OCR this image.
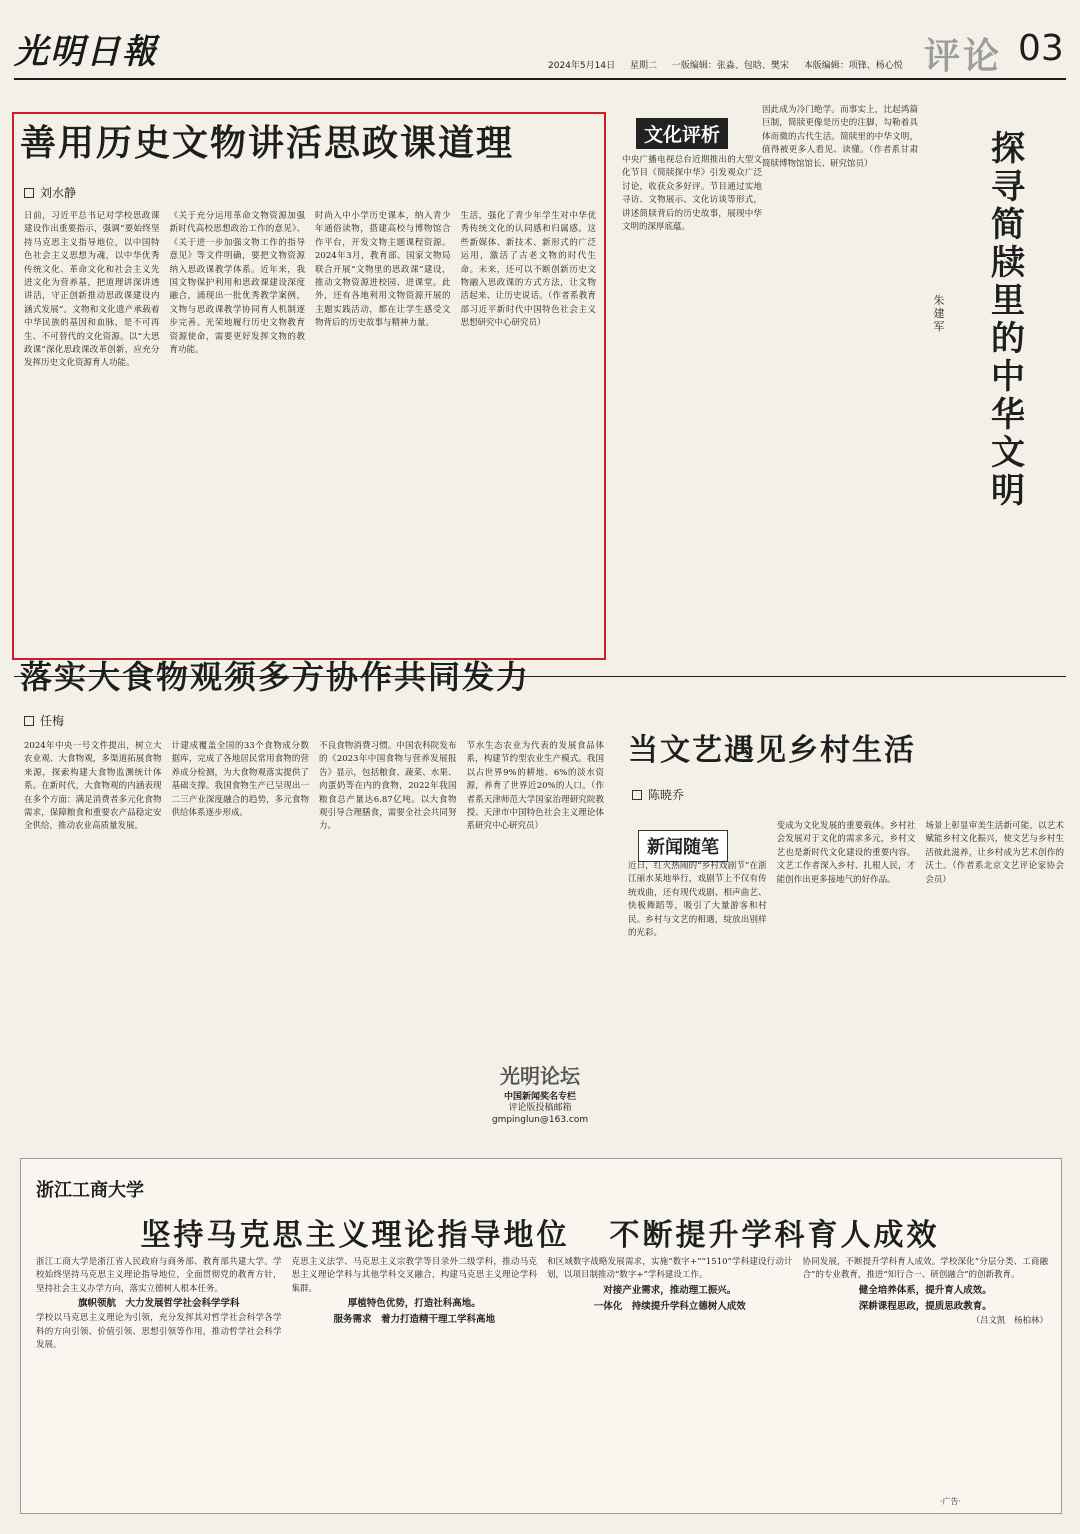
光明日報	2024年5月14日 星期二 一版编辑：张淼、包晗、樊宋 本版编辑：项锋、杨心悦 评论 03
善用历史文物讲活思政课道理
刘水静

日前，习近平总书记对学校思政课建设作出重要指示，强调“要始终坚持马克思主义指导地位，以中国特色社会主义思想为魂，以中华优秀传统文化、革命文化和社会主义先进文化为营养基，把道理讲深讲透讲活，守正创新推动思政课建设内涵式发展”。文物和文化遗产承载着中华民族的基因和血脉，是不可再生、不可替代的文化资源。以“大思政课”深化思政课改革创新，应充分发挥历史文化资源育人功能。

《关于充分运用革命文物资源加强新时代高校思想政治工作的意见》、《关于进一步加强文物工作的指导意见》等文件明确，要把文物资源纳入思政课教学体系。近年来，我国文物保护利用和思政课建设深度融合，涌现出一批优秀教学案例，文物与思政课教学协同育人机制逐步完善。光荣地履行历史文物教育资源使命，需要更好发挥文物的教育功能。

时尚入中小学历史课本，纳入青少年通俗读物，搭建高校与博物馆合作平台，开发文物主题课程资源。2024年3月，教育部、国家文物局联合开展“文物里的思政课”建设，推动文物资源进校园、进课堂。此外，还有各地利用文物资源开展的主题实践活动，都在让学生感受文物背后的历史故事与精神力量。

生活，强化了青少年学生对中华优秀传统文化的认同感和归属感。这些新媒体、新技术、新形式的广泛运用，激活了古老文物的时代生命。未来，还可以不断创新历史文物融入思政课的方式方法，让文物活起来、让历史说话。（作者系教育部习近平新时代中国特色社会主义思想研究中心研究员）

文化评析	探寻简牍里的中华文明
朱建军

中央广播电视总台近期推出的大型文化节目《简牍探中华》引发观众广泛讨论，收获众多好评。节目通过实地寻访、文物展示、文化访谈等形式，讲述简牍背后的历史故事，展现中华文明的深厚底蕴。

因此成为冷门绝学。而事实上，比起鸿篇巨制，简牍更像是历史的注脚，勾勒着具体而微的古代生活。简牍里的中华文明，值得被更多人看见、读懂。（作者系甘肃简牍博物馆馆长、研究馆员）

落实大食物观须多方协作共同发力
任梅

2024年中央一号文件提出，树立大农业观、大食物观，多渠道拓展食物来源，探索构建大食物监测统计体系。在新时代，大食物观的内涵表现在多个方面：满足消费者多元化食物需求，保障粮食和重要农产品稳定安全供给，推动农业高质量发展。

计建成覆盖全国的33个食物成分数据库，完成了各地居民常用食物的营养成分检测，为大食物观落实提供了基础支撑。我国食物生产已呈现出一二三产业深度融合的趋势，多元食物供给体系逐步形成。

不良食物消费习惯。中国农科院发布的《2023年中国食物与营养发展报告》显示，包括粮食、蔬菜、水果、肉蛋奶等在内的食物，2022年我国粮食总产量达6.87亿吨。以大食物观引导合理膳食，需要全社会共同努力。

节水生态农业为代表的发展食品体系，构建节约型农业生产模式。我国以占世界9%的耕地、6%的淡水资源，养育了世界近20%的人口。（作者系天津师范大学国家治理研究院教授、天津市中国特色社会主义理论体系研究中心研究员）

光明论坛
中国新闻奖名专栏
评论版投稿邮箱
gmpinglun@163.com
当文艺遇见乡村生活
陈暁乔
新闻随笔

近日，红火热闹的“乡村戏剧节”在浙江丽水某地举行，戏剧节上不仅有传统戏曲，还有现代戏剧、相声曲艺、快板舞蹈等，吸引了大量游客和村民。乡村与文艺的相遇，绽放出别样的光彩。

变成为文化发展的重要载体。乡村社会发展对于文化的需求多元，乡村文艺也是新时代文化建设的重要内容。文艺工作者深入乡村、扎根人民，才能创作出更多接地气的好作品。

场景上彰显审美生活新可能，以艺术赋能乡村文化振兴，使文艺与乡村生活彼此滋养，让乡村成为艺术创作的沃土。（作者系北京文艺评论家协会会员）

浙江工商大学
坚持马克思主义理论指导地位 不断提升学科育人成效

浙江工商大学是浙江省人民政府与商务部、教育部共建大学。学校始终坚持马克思主义理论指导地位，全面贯彻党的教育方针，坚持社会主义办学方向，落实立德树人根本任务。

旗帜领航　大力发展哲学社会科学学科

学校以马克思主义理论为引领，充分发挥其对哲学社会科学各学科的方向引领、价值引领、思想引领等作用，推动哲学社会科学发展。

克思主义法学、马克思主义宗教学等目录外二级学科，推动马克思主义理论学科与其他学科交叉融合，构建马克思主义理论学科集群。

厚植特色优势，打造社科高地。
服务需求　着力打造精干理工学科高地

和区域数字战略发展需求，实施“数字+”“1510”学科建设行动计划，以项目制推动“数字+”学科建设工作。

对接产业需求，推动理工振兴。
一体化　持续提升学科立德树人成效

协同发展，不断提升学科育人成效。学校深化“分层分类、工商融合”的专业教育，推进“知行合一、研创融合”的创新教育。

健全培养体系，提升育人成效。
深耕课程思政，提质思政教育。
（吕文凯　杨柏林）
·广告·
